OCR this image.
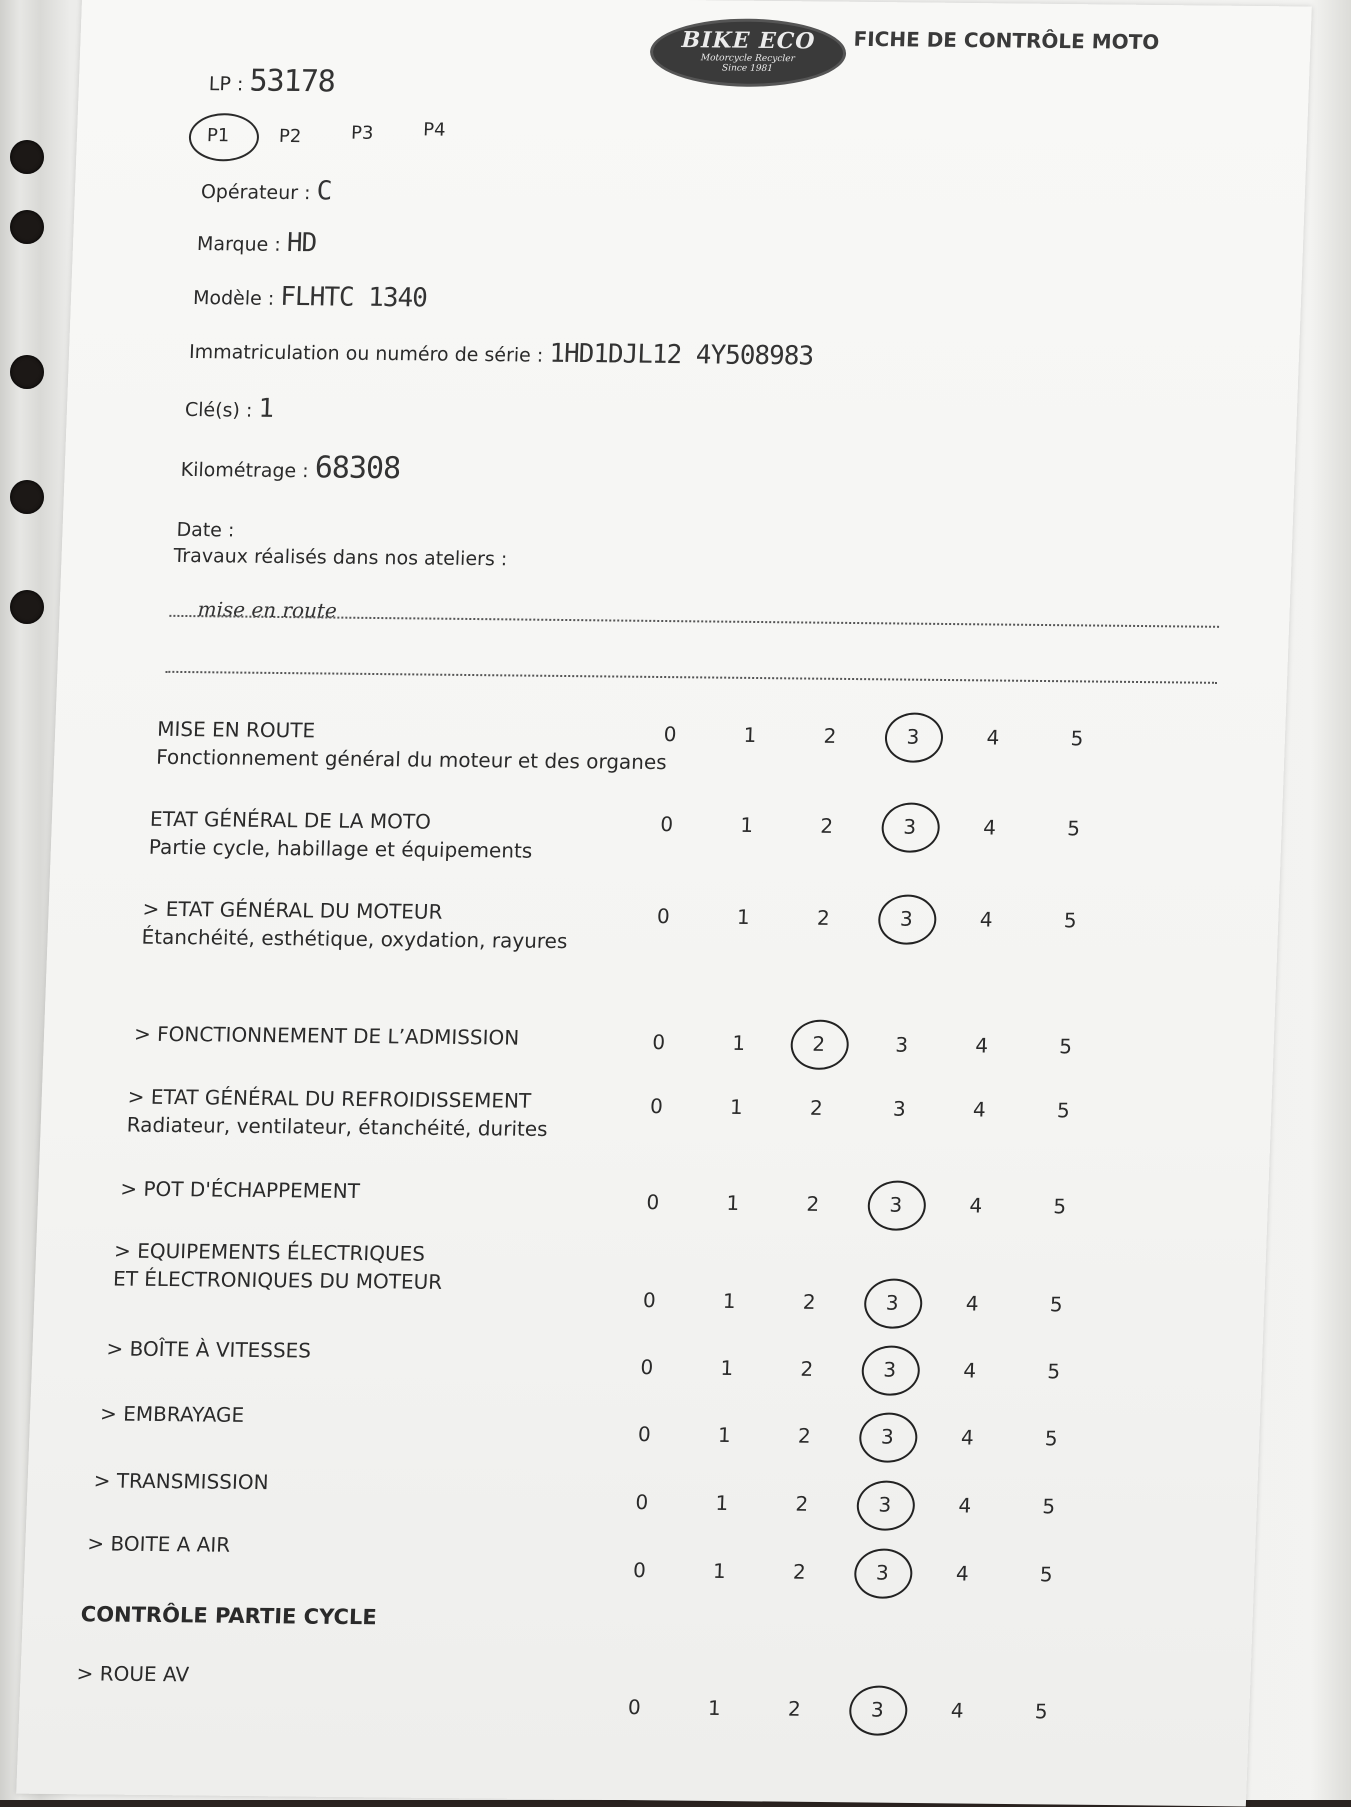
BIKE ECO
Motorcycle Recycler
Since 1981
FICHE DE CONTRÔLE MOTO
LP : 53178
P1	P2	P3	P4
Opérateur : C
Marque : HD
Modèle : FLHTC 1340
Immatriculation ou numéro de série : 1HD1DJL12 4Y508983
Clé(s) : 1
Kilométrage : 68308
Date :
Travaux réalisés dans nos ateliers :
mise en route
CONTRÔLE PARTIE CYCLE
MISE EN ROUTE
Fonctionnement général du moteur et des organes
0	1	2	3	4	5
ETAT GÉNÉRAL DE LA MOTO
Partie cycle, habillage et équipements
0	1	2	3	4	5
> ETAT GÉNÉRAL DU MOTEUR
Étanchéité, esthétique, oxydation, rayures
0	1	2	3	4	5
> FONCTIONNEMENT DE L’ADMISSION	0	1	2	3	4	5
> ETAT GÉNÉRAL DU REFROIDISSEMENT
Radiateur, ventilateur, étanchéité, durites
0	1	2	3	4	5
> POT D'ÉCHAPPEMENT	0	1	2	3	4	5
> EQUIPEMENTS ÉLECTRIQUES
ET ÉLECTRONIQUES DU MOTEUR
0	1	2	3	4	5
> BOÎTE À VITESSES
0	1	2	3	4	5
> EMBRAYAGE
0	1	2	3	4	5
> TRANSMISSION
0	1	2	3	4	5
> BOITE A AIR
0	1	2	3	4	5
> ROUE AV
0	1	2	3	4	5
